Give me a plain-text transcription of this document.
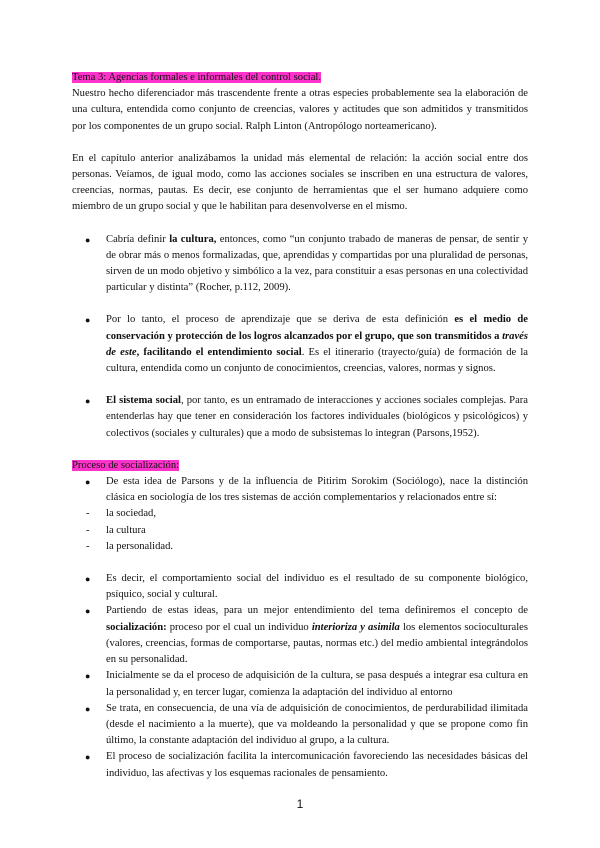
Tema 3: Agencias formales e informales del control social.

Nuestro hecho diferenciador más trascendente frente a otras especies probablemente sea la elaboración de una cultura, entendida como conjunto de creencias, valores y actitudes que son admitidos y transmitidos por los componentes de un grupo social. Ralph Linton (Antropólogo norteamericano).

En el capítulo anterior analizábamos la unidad más elemental de relación: la acción social entre dos personas. Veíamos, de igual modo, como las acciones sociales se inscriben en una estructura de valores, creencias, normas, pautas. Es decir, ese conjunto de herramientas que el ser humano adquiere como miembro de un grupo social y que le habilitan para desenvolverse en el mismo.

● Cabría definir la cultura, entonces, como “un conjunto trabado de maneras de pensar, de sentir y de obrar más o menos formalizadas, que, aprendidas y compartidas por una pluralidad de personas, sirven de un modo objetivo y simbólico a la vez, para constituir a esas personas en una colectividad particular y distinta” (Rocher, p.112, 2009).
● Por lo tanto, el proceso de aprendizaje que se deriva de esta definición es el medio de conservación y protección de los logros alcanzados por el grupo, que son transmitidos a través de este, facilitando el entendimiento social. Es el itinerario (trayecto/guía) de formación de la cultura, entendida como un conjunto de conocimientos, creencias, valores, normas y signos.
● El sistema social, por tanto, es un entramado de interacciones y acciones sociales complejas. Para entenderlas hay que tener en consideración los factores individuales (biológicos y psicológicos) y colectivos (sociales y culturales) que a modo de subsistemas lo integran (Parsons,1952).

Proceso de socialización:

● De esta idea de Parsons y de la influencia de Pitirim Sorokim (Sociólogo), nace la distinción clásica en sociología de los tres sistemas de acción complementarios y relacionados entre sí:
- la sociedad,
- la cultura
- la personalidad.
● Es decir, el comportamiento social del individuo es el resultado de su componente biológico, psíquico, social y cultural.
● Partiendo de estas ideas, para un mejor entendimiento del tema definiremos el concepto de socialización: proceso por el cual un individuo interioriza y asimila los elementos socioculturales (valores, creencias, formas de comportarse, pautas, normas etc.) del medio ambiental integrándolos en su personalidad.
● Inicialmente se da el proceso de adquisición de la cultura, se pasa después a integrar esa cultura en la personalidad y, en tercer lugar, comienza la adaptación del individuo al entorno
● Se trata, en consecuencia, de una vía de adquisición de conocimientos, de perdurabilidad ilimitada (desde el nacimiento a la muerte), que va moldeando la personalidad y que se propone como fin último, la constante adaptación del individuo al grupo, a la cultura.
● El proceso de socialización facilita la intercomunicación favoreciendo las necesidades básicas del individuo, las afectivas y los esquemas racionales de pensamiento.
1
